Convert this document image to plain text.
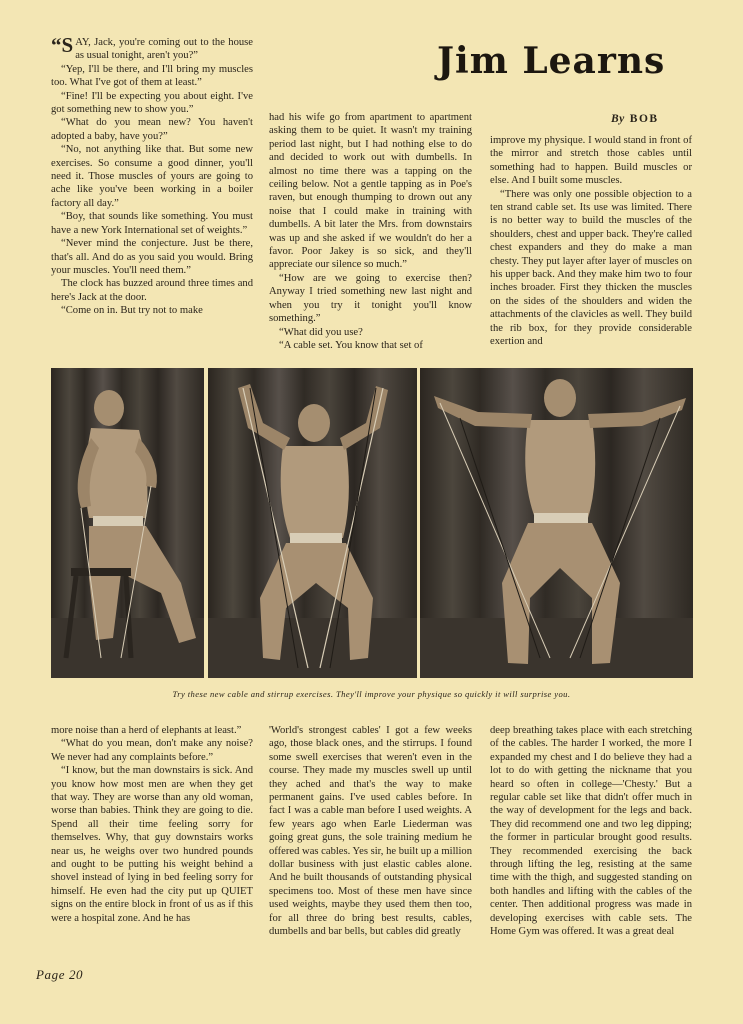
Jim Learns
By BOB

“SAY, Jack, you're coming out to the house as usual tonight, aren't you?”

“Yep, I'll be there, and I'll bring my muscles too. What I've got of them at least.”

“Fine! I'll be expecting you about eight. I've got something new to show you.”

“What do you mean new? You haven't adopted a baby, have you?”

“No, not anything like that. But some new exercises. So consume a good dinner, you'll need it. Those muscles of yours are going to ache like you've been working in a boiler factory all day.”

“Boy, that sounds like something. You must have a new York International set of weights.”

“Never mind the conjecture. Just be there, that's all. And do as you said you would. Bring your muscles. You'll need them.”

The clock has buzzed around three times and here's Jack at the door.

“Come on in. But try not to make

had his wife go from apartment to apartment asking them to be quiet. It wasn't my training period last night, but I had nothing else to do and decided to work out with dumbells. In almost no time there was a tapping on the ceiling below. Not a gentle tapping as in Poe's raven, but enough thumping to drown out any noise that I could make in training with dumbells. A bit later the Mrs. from downstairs was up and she asked if we wouldn't do her a favor. Poor Jakey is so sick, and they'll appreciate our silence so much.”

“How are we going to exercise then? Anyway I tried something new last night and when you try it tonight you'll know something.”

“What did you use?

“A cable set. You know that set of

improve my physique. I would stand in front of the mirror and stretch those cables until something had to happen. Build muscles or else. And I built some muscles.

“There was only one possible objection to a ten strand cable set. Its use was limited. There is no better way to build the muscles of the shoulders, chest and upper back. They're called chest expanders and they do make a man chesty. They put layer after layer of muscles on his upper back. And they make him two to four inches broader. First they thicken the muscles on the sides of the shoulders and widen the attachments of the clavicles as well. They build the rib box, for they provide considerable exertion and

Try these new cable and stirrup exercises. They'll improve your physique so quickly it will surprise you.

more noise than a herd of elephants at least.”

“What do you mean, don't make any noise? We never had any complaints before.”

“I know, but the man downstairs is sick. And you know how most men are when they get that way. They are worse than any old woman, worse than babies. Think they are going to die. Spend all their time feeling sorry for themselves. Why, that guy downstairs works near us, he weighs over two hundred pounds and ought to be putting his weight behind a shovel instead of lying in bed feeling sorry for himself. He even had the city put up QUIET signs on the entire block in front of us as if this were a hospital zone. And he has

'World's strongest cables' I got a few weeks ago, those black ones, and the stirrups. I found some swell exercises that weren't even in the course. They made my muscles swell up until they ached and that's the way to make permanent gains. I've used cables before. In fact I was a cable man before I used weights. A few years ago when Earle Liederman was going great guns, the sole training medium he offered was cables. Yes sir, he built up a million dollar business with just elastic cables alone. And he built thousands of outstanding physical specimens too. Most of these men have since used weights, maybe they used them then too, for all three do bring best results, cables, dumbells and bar bells, but cables did greatly

deep breathing takes place with each stretching of the cables. The harder I worked, the more I expanded my chest and I do believe they had a lot to do with getting the nickname that you heard so often in college—'Chesty.' But a regular cable set like that didn't offer much in the way of development for the legs and back. They did recommend one and two leg dipping; the former in particular brought good results. They recommended exercising the back through lifting the leg, resisting at the same time with the thigh, and suggested standing on both handles and lifting with the cables of the center. Then additional progress was made in developing exercises with cable sets. The Home Gym was offered. It was a great deal

Page 20
